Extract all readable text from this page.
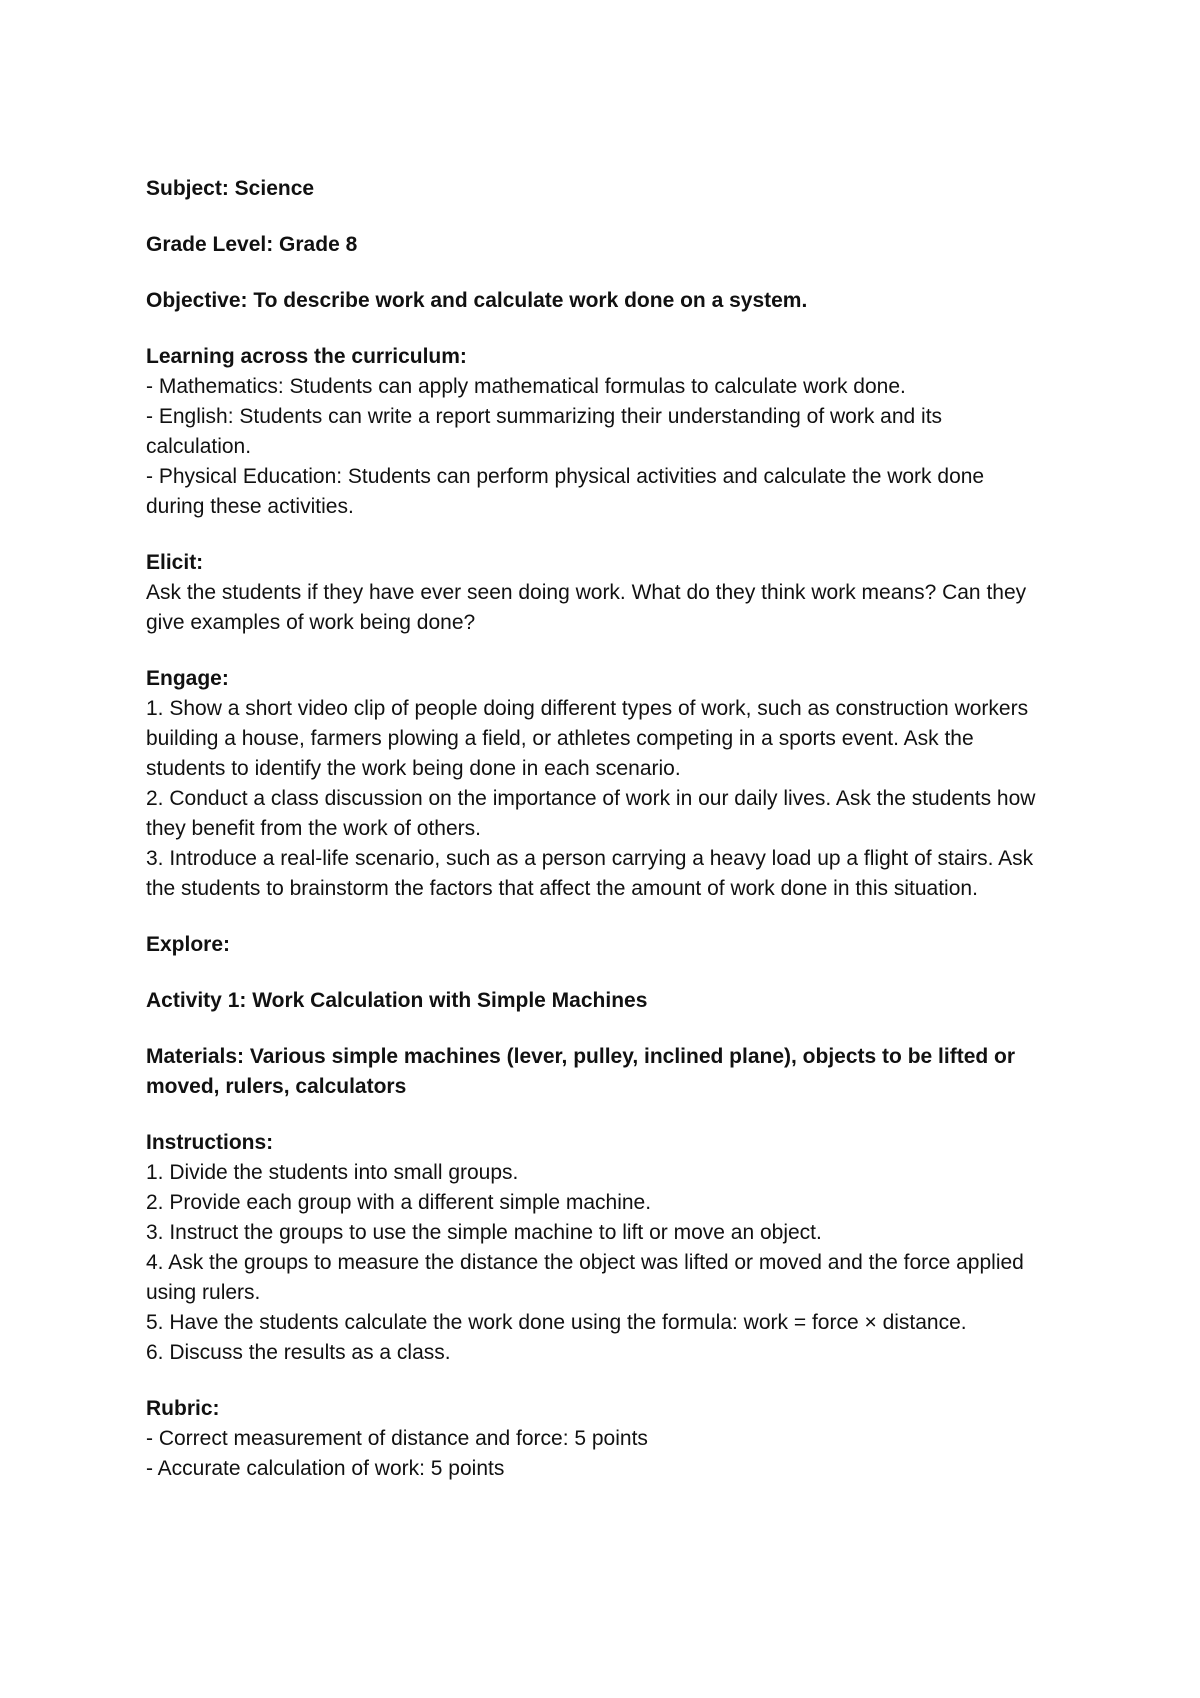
Subject: Science
Grade Level: Grade 8
Objective: To describe work and calculate work done on a system.
Learning across the curriculum:
- Mathematics: Students can apply mathematical formulas to calculate work done.
- English: Students can write a report summarizing their understanding of work and its calculation.
- Physical Education: Students can perform physical activities and calculate the work done during these activities.
Elicit:
Ask the students if they have ever seen doing work. What do they think work means? Can they give examples of work being done?
Engage:
1. Show a short video clip of people doing different types of work, such as construction workers building a house, farmers plowing a field, or athletes competing in a sports event. Ask the students to identify the work being done in each scenario.
2. Conduct a class discussion on the importance of work in our daily lives. Ask the students how they benefit from the work of others.
3. Introduce a real-life scenario, such as a person carrying a heavy load up a flight of stairs. Ask the students to brainstorm the factors that affect the amount of work done in this situation.
Explore:
Activity 1: Work Calculation with Simple Machines
Materials: Various simple machines (lever, pulley, inclined plane), objects to be lifted or moved, rulers, calculators
Instructions:
1. Divide the students into small groups.
2. Provide each group with a different simple machine.
3. Instruct the groups to use the simple machine to lift or move an object.
4. Ask the groups to measure the distance the object was lifted or moved and the force applied using rulers.
5. Have the students calculate the work done using the formula: work = force × distance.
6. Discuss the results as a class.
Rubric:
- Correct measurement of distance and force: 5 points
- Accurate calculation of work: 5 points
